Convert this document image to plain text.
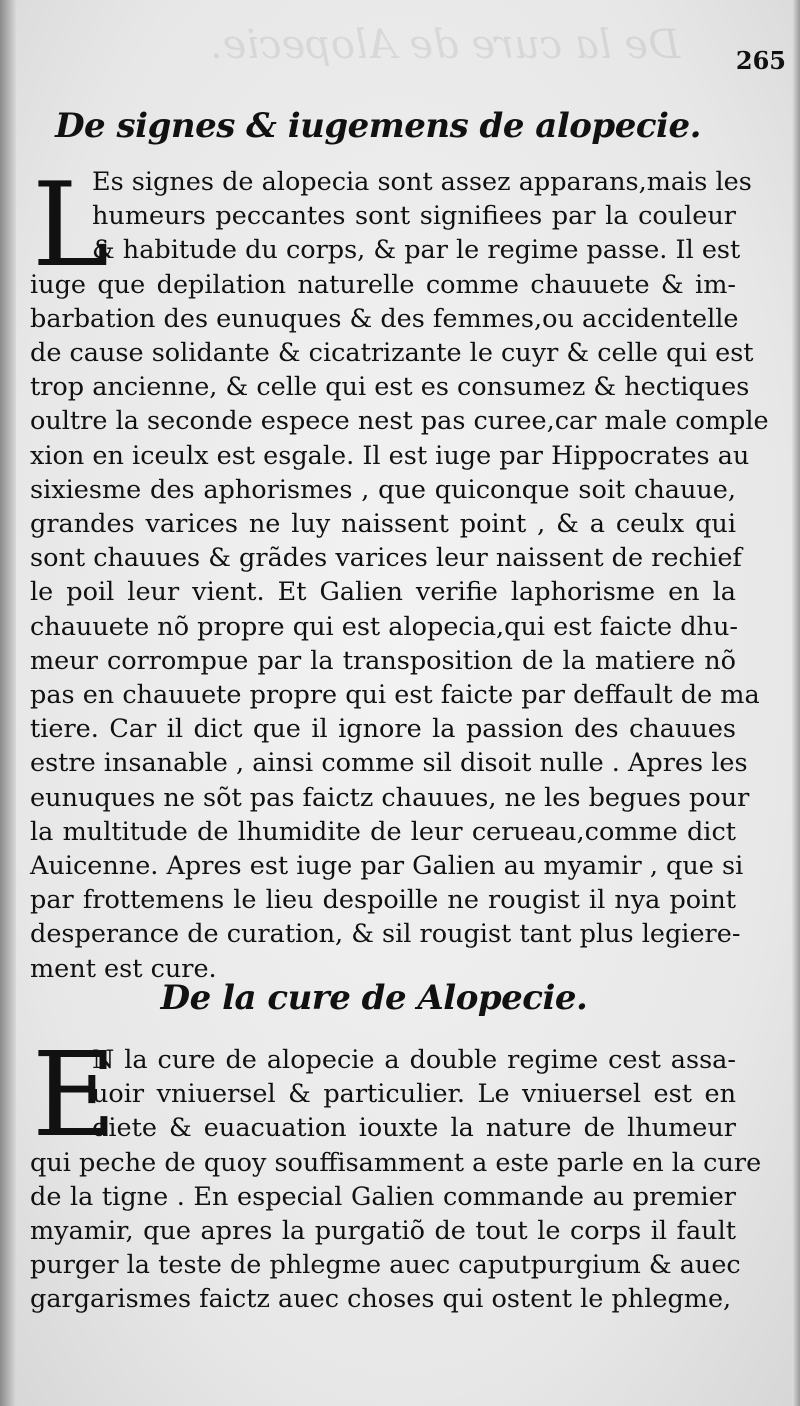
De la cure de Alopecie. 265
De signes & iugemens de alopecie.
L
Es signes de alopecia sont assez apparans,mais les
humeurs peccantes sont signifiees par la couleur
& habitude du corps, & par le regime passe. Il est
iuge que depilation naturelle comme chauuete & im-
barbation des eunuques & des femmes,ou accidentelle
de cause solidante & cicatrizante le cuyr & celle qui est
trop ancienne, & celle qui est es consumez & hectiques
oultre la seconde espece nest pas curee,car male comple
xion en iceulx est esgale. Il est iuge par Hippocrates au
sixiesme des aphorismes , que quiconque soit chauue,
grandes varices ne luy naissent point , & a ceulx qui
sont chauues & grãdes varices leur naissent de rechief
le poil leur vient. Et Galien verifie laphorisme en la
chauuete nõ propre qui est alopecia,qui est faicte dhu-
meur corrompue par la transposition de la matiere nõ
pas en chauuete propre qui est faicte par deffault de ma
tiere. Car il dict que il ignore la passion des chauues
estre insanable , ainsi comme sil disoit nulle . Apres les
eunuques ne sõt pas faictz chauues, ne les begues pour
la multitude de lhumidite de leur cerueau,comme dict
Auicenne. Apres est iuge par Galien au myamir , que si
par frottemens le lieu despoille ne rougist il nya point
desperance de curation, & sil rougist tant plus legiere-
ment est cure.
De la cure de Alopecie.
E
N la cure de alopecie a double regime cest assa-
uoir vniuersel & particulier. Le vniuersel est en
diete & euacuation iouxte la nature de lhumeur
qui peche de quoy souffisamment a este parle en la cure
de la tigne . En especial Galien commande au premier
myamir, que apres la purgatiõ de tout le corps il fault
purger la teste de phlegme auec caputpurgium & auec
gargarismes faictz auec choses qui ostent le phlegme,
